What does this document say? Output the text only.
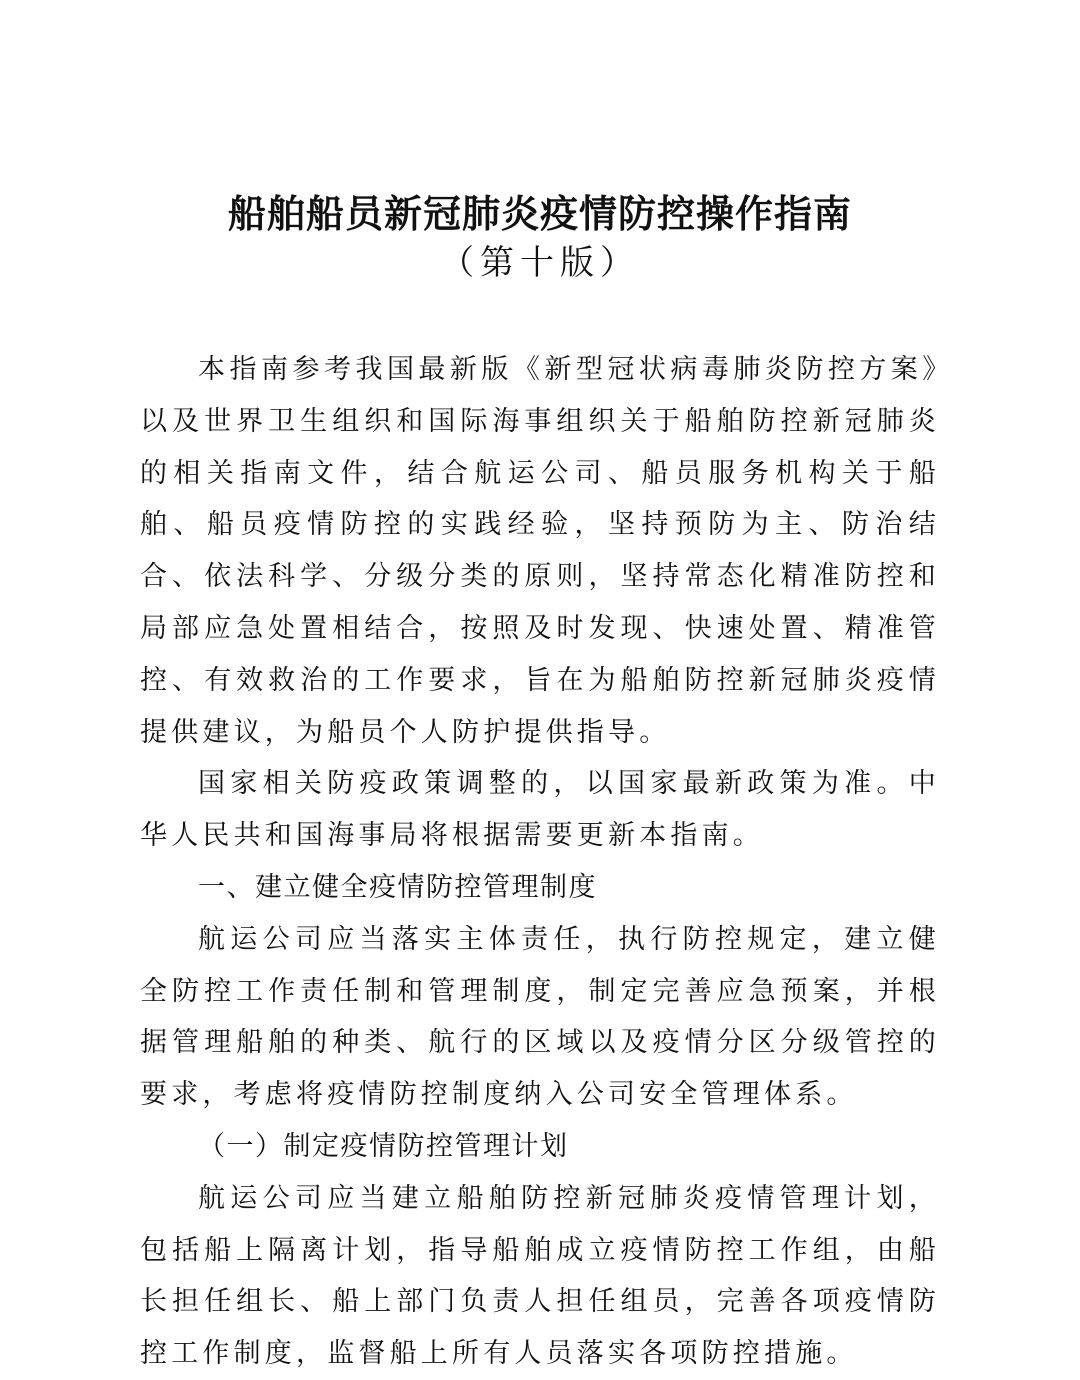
船舶船员新冠肺炎疫情防控操作指南
（第十版）

本指南参考我国最新版《新型冠状病毒肺炎防控方案》以及世界卫生组织和国际海事组织关于船舶防控新冠肺炎的相关指南文件，结合航运公司、船员服务机构关于船舶、船员疫情防控的实践经验，坚持预防为主、防治结合、依法科学、分级分类的原则，坚持常态化精准防控和局部应急处置相结合，按照及时发现、快速处置、精准管控、有效救治的工作要求，旨在为船舶防控新冠肺炎疫情提供建议，为船员个人防护提供指导。

国家相关防疫政策调整的，以国家最新政策为准。中华人民共和国海事局将根据需要更新本指南。

一、建立健全疫情防控管理制度

航运公司应当落实主体责任，执行防控规定，建立健全防控工作责任制和管理制度，制定完善应急预案，并根据管理船舶的种类、航行的区域以及疫情分区分级管控的要求，考虑将疫情防控制度纳入公司安全管理体系。

（一）制定疫情防控管理计划

航运公司应当建立船舶防控新冠肺炎疫情管理计划，包括船上隔离计划，指导船舶成立疫情防控工作组，由船长担任组长、船上部门负责人担任组员，完善各项疫情防控工作制度，监督船上所有人员落实各项防控措施。
